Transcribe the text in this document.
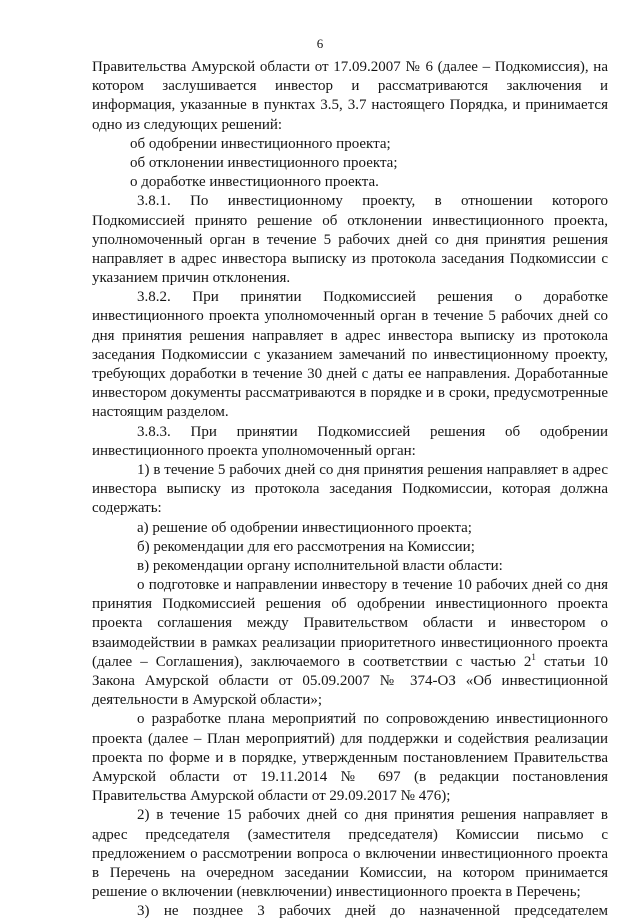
6
Правительства Амурской области от 17.09.2007 № 6 (далее – Подкомиссия), на
котором заслушивается инвестор и рассматриваются заключения и
информация, указанные в пунктах 3.5, 3.7 настоящего Порядка, и принимается
одно из следующих решений:
об одобрении инвестиционного проекта;
об отклонении инвестиционного проекта;
о доработке инвестиционного проекта.
3.8.1. По инвестиционному проекту, в отношении которого
Подкомиссией принято решение об отклонении инвестиционного проекта,
уполномоченный орган в течение 5 рабочих дней со дня принятия решения
направляет в адрес инвестора выписку из протокола заседания Подкомиссии с
указанием причин отклонения.
3.8.2. При принятии Подкомиссией решения о доработке
инвестиционного проекта уполномоченный орган в течение 5 рабочих дней со
дня принятия решения направляет в адрес инвестора выписку из протокола
заседания Подкомиссии с указанием замечаний по инвестиционному проекту,
требующих доработки в течение 30 дней с даты ее направления. Доработанные
инвестором документы рассматриваются в порядке и в сроки, предусмотренные
настоящим разделом.
3.8.3. При принятии Подкомиссией решения об одобрении
инвестиционного проекта уполномоченный орган:
1) в течение 5 рабочих дней со дня принятия решения направляет в адрес
инвестора выписку из протокола заседания Подкомиссии, которая должна
содержать:
а) решение об одобрении инвестиционного проекта;
б) рекомендации для его рассмотрения на Комиссии;
в) рекомендации органу исполнительной власти области:
о подготовке и направлении инвестору в течение 10 рабочих дней со дня
принятия Подкомиссией решения об одобрении инвестиционного проекта
проекта соглашения между Правительством области и инвестором о
взаимодействии в рамках реализации приоритетного инвестиционного проекта
(далее – Соглашения), заключаемого в соответствии с частью $2^1$ статьи 10
Закона Амурской области от 05.09.2007 № 374-ОЗ «Об инвестиционной
деятельности в Амурской области»;
о разработке плана мероприятий по сопровождению инвестиционного
проекта (далее – План мероприятий) для поддержки и содействия реализации
проекта по форме и в порядке, утвержденным постановлением Правительства
Амурской области от 19.11.2014 № 697 (в редакции постановления
Правительства Амурской области от 29.09.2017 № 476);
2) в течение 15 рабочих дней со дня принятия решения направляет в
адрес председателя (заместителя председателя) Комиссии письмо с
предложением о рассмотрении вопроса о включении инвестиционного проекта
в Перечень на очередном заседании Комиссии, на котором принимается
решение о включении (невключении) инвестиционного проекта в Перечень;
3) не позднее 3 рабочих дней до назначенной председателем
